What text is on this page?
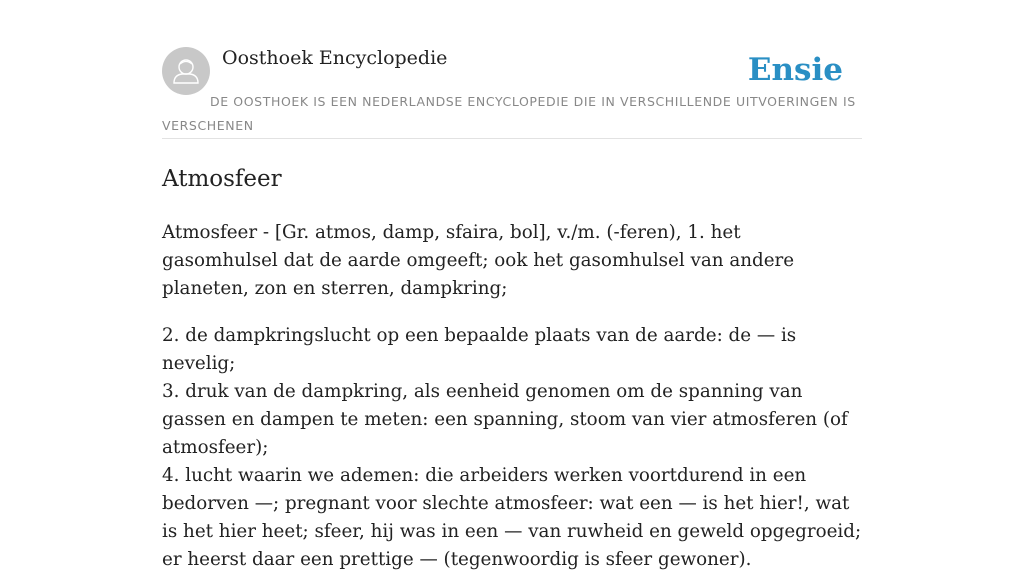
Oosthoek Encyclopedie	Ensie
DE OOSTHOEK IS EEN NEDERLANDSE ENCYCLOPEDIE DIE IN VERSCHILLENDE UITVOERINGEN IS VERSCHENEN
Atmosfeer

Atmosfeer - [Gr. atmos, damp, sfaira, bol], v./m. (-feren), 1. het gasomhulsel dat de aarde omgeeft; ook het gasomhulsel van andere planeten, zon en sterren, dampkring;

2. de dampkringslucht op een bepaalde plaats van de aarde: de — is nevelig;
3. druk van de dampkring, als eenheid genomen om de spanning van gassen en dampen te meten: een spanning, stoom van vier atmosferen (of atmosfeer);
4. lucht waarin we ademen: die arbeiders werken voortdurend in een bedorven —; pregnant voor slechte atmosfeer: wat een — is het hier!, wat is het hier heet; sfeer, hij was in een — van ruwheid en geweld opgegroeid; er heerst daar een prettige — (tegenwoordig is sfeer gewoner).
